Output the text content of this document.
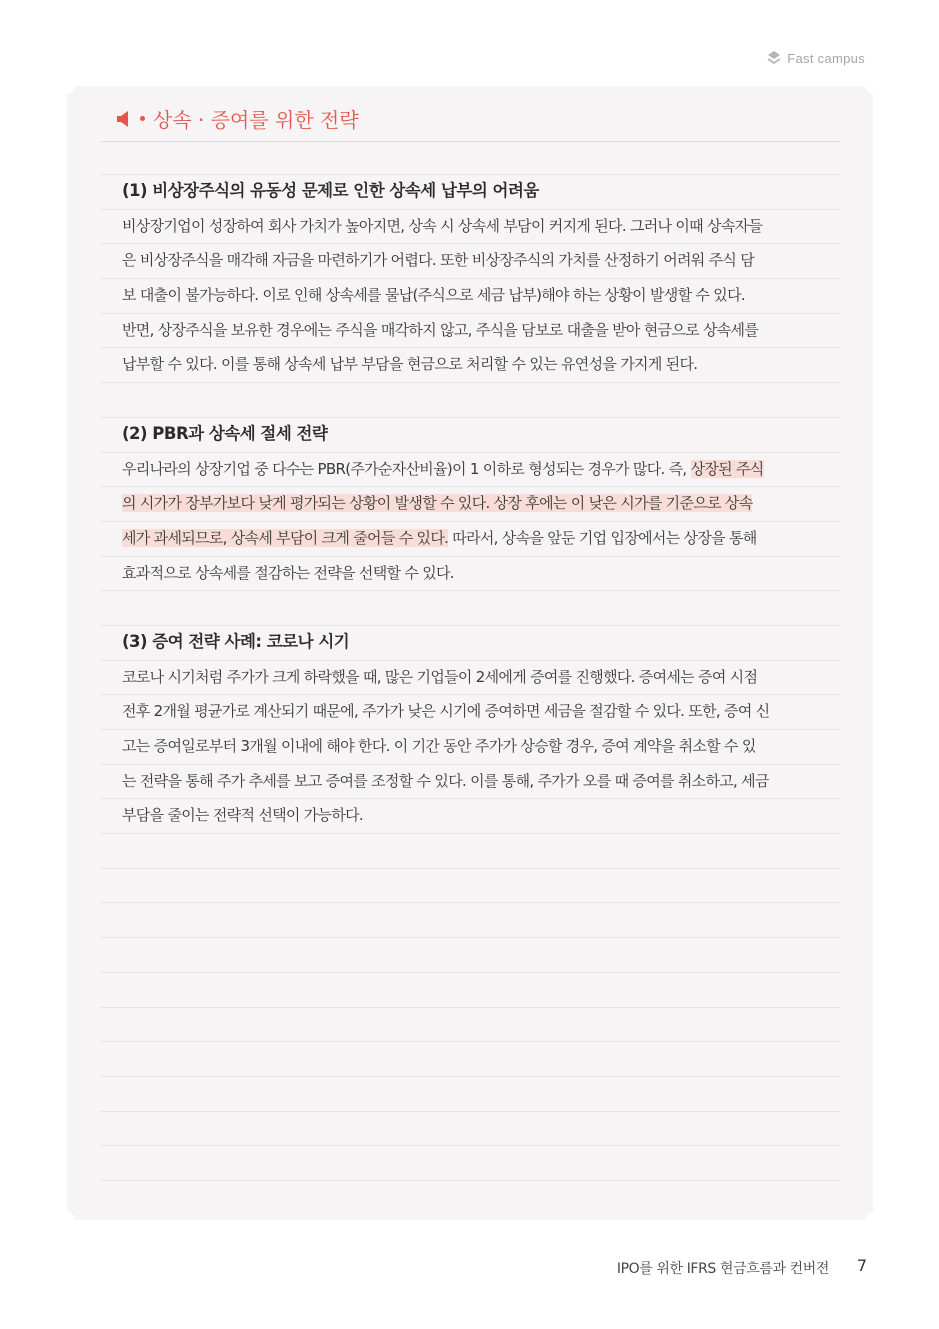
Fast campus
상속 · 증여를 위한 전략
(1) 비상장주식의 유동성 문제로 인한 상속세 납부의 어려움
비상장기업이 성장하여 회사 가치가 높아지면, 상속 시 상속세 부담이 커지게 된다. 그러나 이때 상속자들
은 비상장주식을 매각해 자금을 마련하기가 어렵다. 또한 비상장주식의 가치를 산정하기 어려워 주식 담
보 대출이 불가능하다. 이로 인해 상속세를 물납(주식으로 세금 납부)해야 하는 상황이 발생할 수 있다.
반면, 상장주식을 보유한 경우에는 주식을 매각하지 않고, 주식을 담보로 대출을 받아 현금으로 상속세를
납부할 수 있다. 이를 통해 상속세 납부 부담을 현금으로 처리할 수 있는 유연성을 가지게 된다.
(2) PBR과 상속세 절세 전략
우리나라의 상장기업 중 다수는 PBR(주가순자산비율)이 1 이하로 형성되는 경우가 많다. 즉, 상장된 주식
의 시가가 장부가보다 낮게 평가되는 상황이 발생할 수 있다. 상장 후에는 이 낮은 시가를 기준으로 상속
세가 과세되므로, 상속세 부담이 크게 줄어들 수 있다. 따라서, 상속을 앞둔 기업 입장에서는 상장을 통해
효과적으로 상속세를 절감하는 전략을 선택할 수 있다.
(3) 증여 전략 사례: 코로나 시기
코로나 시기처럼 주가가 크게 하락했을 때, 많은 기업들이 2세에게 증여를 진행했다. 증여세는 증여 시점
전후 2개월 평균가로 계산되기 때문에, 주가가 낮은 시기에 증여하면 세금을 절감할 수 있다. 또한, 증여 신
고는 증여일로부터 3개월 이내에 해야 한다. 이 기간 동안 주가가 상승할 경우, 증여 계약을 취소할 수 있
는 전략을 통해 주가 추세를 보고 증여를 조정할 수 있다. 이를 통해, 주가가 오를 때 증여를 취소하고, 세금
부담을 줄이는 전략적 선택이 가능하다.
IPO를 위한 IFRS 현금흐름과 컨버젼 7
